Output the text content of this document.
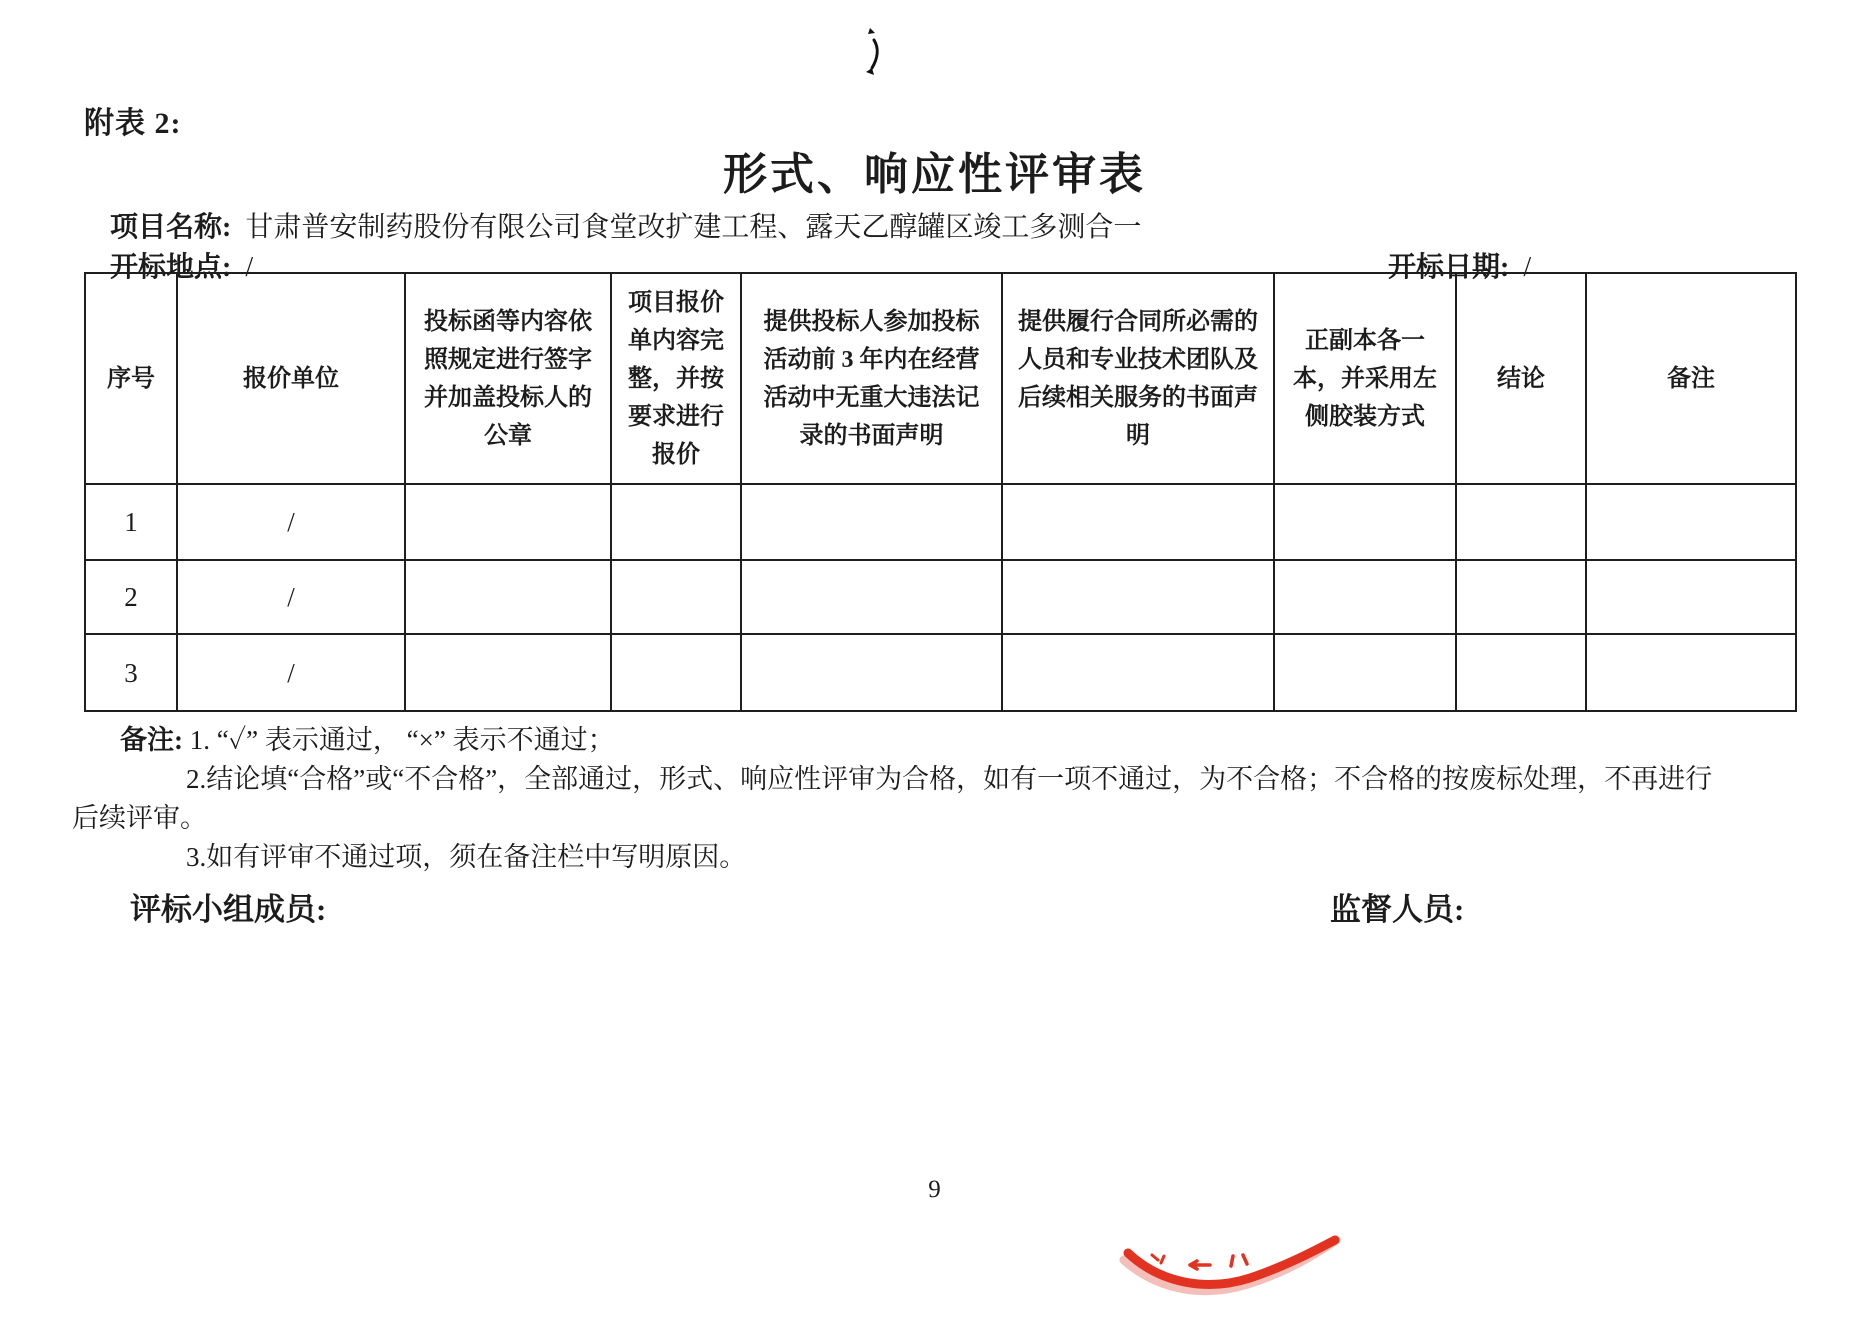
附表 2:
形式、响应性评审表
项目名称: 甘肃普安制药股份有限公司食堂改扩建工程、露天乙醇罐区竣工多测合一
开标地点: /	开标日期: /
序号	报价单位	投标函等内容依照规定进行签字并加盖投标人的公章	项目报价单内容完整，并按要求进行报价	提供投标人参加投标活动前 3 年内在经营活动中无重大违法记录的书面声明	提供履行合同所必需的人员和专业技术团队及后续相关服务的书面声明	正副本各一本，并采用左侧胶装方式	结论	备注
1	/							
2	/							
3	/							
备注: 1. “✓” 表示通过， “×” 表示不通过；
2.结论填“合格”或“不合格”，全部通过，形式、响应性评审为合格，如有一项不通过，为不合格；不合格的按废标处理，不再进行
后续评审。
3.如有评审不通过项，须在备注栏中写明原因。
评标小组成员:	监督人员:
9
